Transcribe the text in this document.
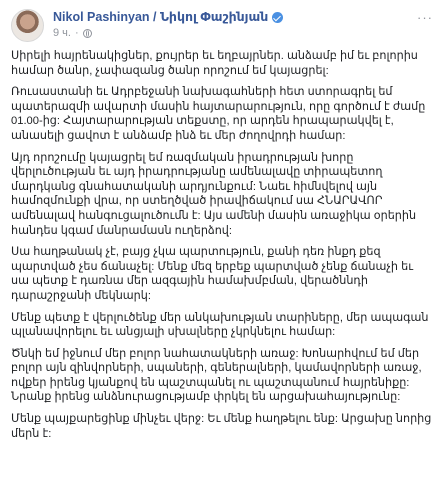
Nikol Pashinyan / Նիկոլ Փաշինյան
9 ч. ·
···

Սիրելի հայրենակիցներ, քույրեր եւ եղբայրներ. անձամբ իմ եւ բոլորիս համար ծանր, չափազանց ծանր որոշում եմ կայացրել:

Ռուսաստանի եւ Ադրբեջանի նախագահների հետ ստորագրել եմ պատերազմի ավարտի մասին հայտարարություն, որը գործում է ժամը 01.00-ից: Հայտարարության տեքստը, որ արդեն հրապարակվել է, անասելի ցավոտ է անձամբ ինձ եւ մեր ժողովրդի համար:

Այդ որոշումը կայացրել եմ ռազմական իրադրության խորը վերլուծության եւ այդ իրադրությանը ամենալավը տիրապետող մարդկանց գնահատականի արդյունքում: Նաեւ հիմնվելով այն համոզմունքի վրա, որ ստեղծված իրավիճակում սա ՀՆԱՐԱՎՈՐ ամենալավ հանգուցալուծումն է: Այս ամենի մասին առաջիկա օրերին հանդես կգամ մանրամասն ուղերձով:

Սա հաղթանակ չէ, բայց չկա պարտություն, քանի դեռ ինքդ քեզ պարտված չես ճանաչել: Մենք մեզ երբեք պարտված չենք ճանաչի եւ սա պետք է դառնա մեր ազգային համախմբման, վերածննդի դարաշրջանի մեկնարկ:

Մենք պետք է վերլուծենք մեր անկախության տարիները, մեր ապագան պլանավորելու եւ անցյալի սխալները չկրկնելու համար:

Ծնկի եմ իջնում մեր բոլոր նահատակների առաջ: Խոնարհվում եմ մեր բոլոր այն զինվորների, սպաների, գեներալների, կամավորների առաջ, ովքեր իրենց կյանքով են պաշտպանել ու պաշտպանում հայրենիքը: Նրանք իրենց անձնուրացությամբ փրկել են արցախահայությունը:

Մենք պայքարեցինք մինչեւ վերջ: Եւ մենք հաղթելու ենք: Արցախը նորից մերն է:
